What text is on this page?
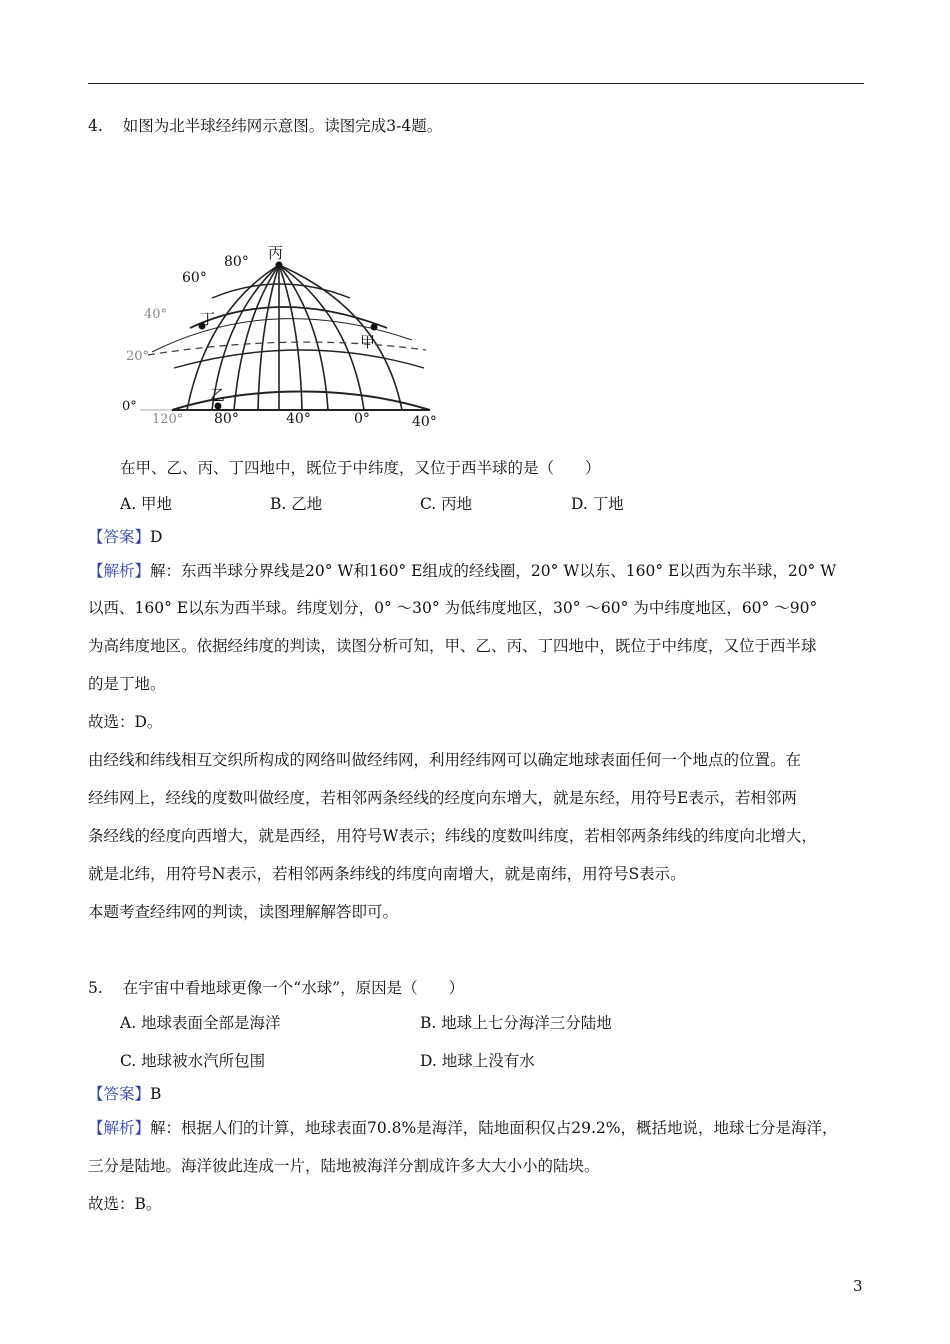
4. 如图为北半球经纬网示意图。读图完成3-4题。
80°
60°
40°
20°
0°
120° 80°	40°	0°	40°
丙
丁
甲
乙
在甲、乙、丙、丁四地中，既位于中纬度，又位于西半球的是（　　）
A. 甲地	B. 乙地	C. 丙地	D. 丁地
【答案】D
【解析】解：东西半球分界线是20° W和160° E组成的经线圈，20° W以东、160° E以西为东半球，20° W
以西、160° E以东为西半球。纬度划分，0° ～30° 为低纬度地区，30° ～60° 为中纬度地区，60° ～90°
为高纬度地区。依据经纬度的判读，读图分析可知，甲、乙、丙、丁四地中，既位于中纬度，又位于西半球
的是丁地。
故选：D。
由经线和纬线相互交织所构成的网络叫做经纬网，利用经纬网可以确定地球表面任何一个地点的位置。在
经纬网上，经线的度数叫做经度，若相邻两条经线的经度向东增大，就是东经，用符号E表示，若相邻两
条经线的经度向西增大，就是西经，用符号W表示；纬线的度数叫纬度，若相邻两条纬线的纬度向北增大，
就是北纬，用符号N表示，若相邻两条纬线的纬度向南增大，就是南纬，用符号S表示。
本题考查经纬网的判读，读图理解解答即可。
5. 在宇宙中看地球更像一个“水球”，原因是（　　）
A. 地球表面全部是海洋	B. 地球上七分海洋三分陆地
C. 地球被水汽所包围	D. 地球上没有水
【答案】B
【解析】解：根据人们的计算，地球表面70.8%是海洋，陆地面积仅占29.2%，概括地说，地球七分是海洋，
三分是陆地。海洋彼此连成一片，陆地被海洋分割成许多大大小小的陆块。
故选：B。
3
